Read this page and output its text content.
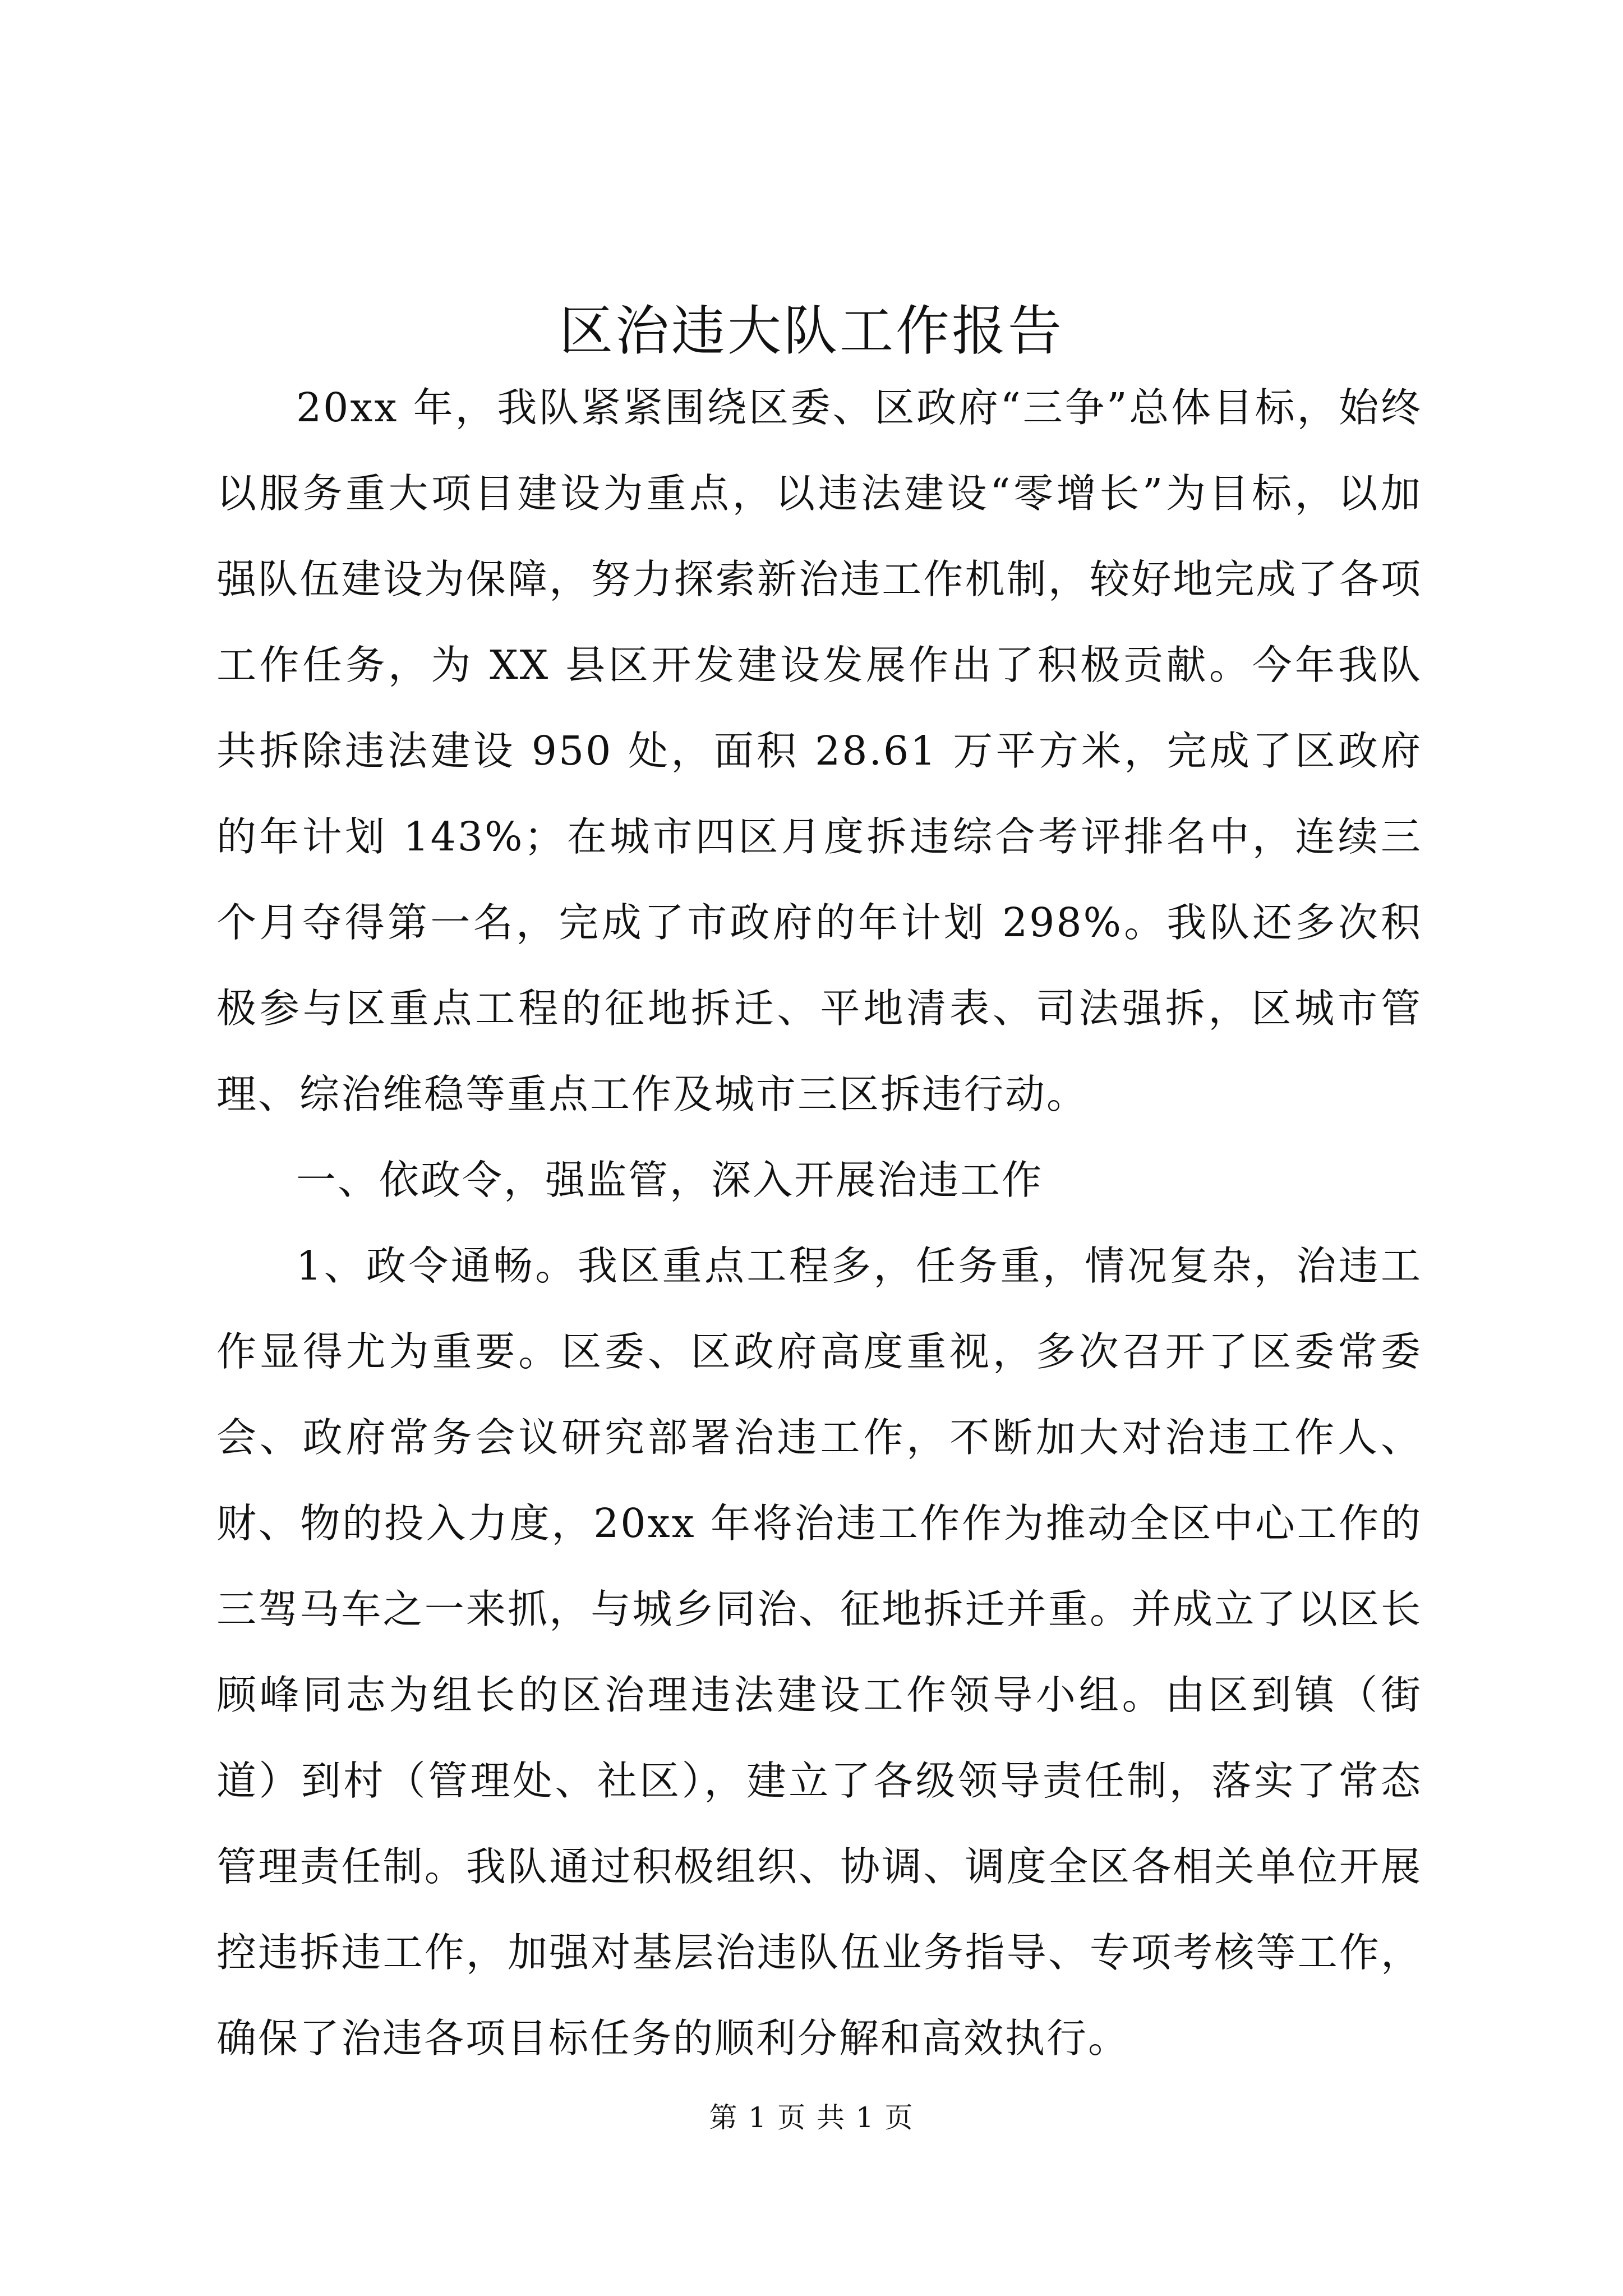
区治违大队工作报告

20xx 年，我队紧紧围绕区委、区政府“三争”总体目标，始终以服务重大项目建设为重点，以违法建设“零增长”为目标，以加强队伍建设为保障，努力探索新治违工作机制，较好地完成了各项工作任务，为 XX 县区开发建设发展作出了积极贡献。今年我队共拆除违法建设 950 处，面积 28.61 万平方米，完成了区政府的年计划 143%；在城市四区月度拆违综合考评排名中，连续三个月夺得第一名，完成了市政府的年计划 298%。我队还多次积极参与区重点工程的征地拆迁、平地清表、司法强拆，区城市管理、综治维稳等重点工作及城市三区拆违行动。

一、依政令，强监管，深入开展治违工作

1、政令通畅。我区重点工程多，任务重，情况复杂，治违工作显得尤为重要。区委、区政府高度重视，多次召开了区委常委会、政府常务会议研究部署治违工作，不断加大对治违工作人、财、物的投入力度，20xx 年将治违工作作为推动全区中心工作的三驾马车之一来抓，与城乡同治、征地拆迁并重。并成立了以区长顾峰同志为组长的区治理违法建设工作领导小组。由区到镇（街道）到村（管理处、社区），建立了各级领导责任制，落实了常态管理责任制。我队通过积极组织、协调、调度全区各相关单位开展控违拆违工作，加强对基层治违队伍业务指导、专项考核等工作，确保了治违各项目标任务的顺利分解和高效执行。

第 1 页 共 1 页
